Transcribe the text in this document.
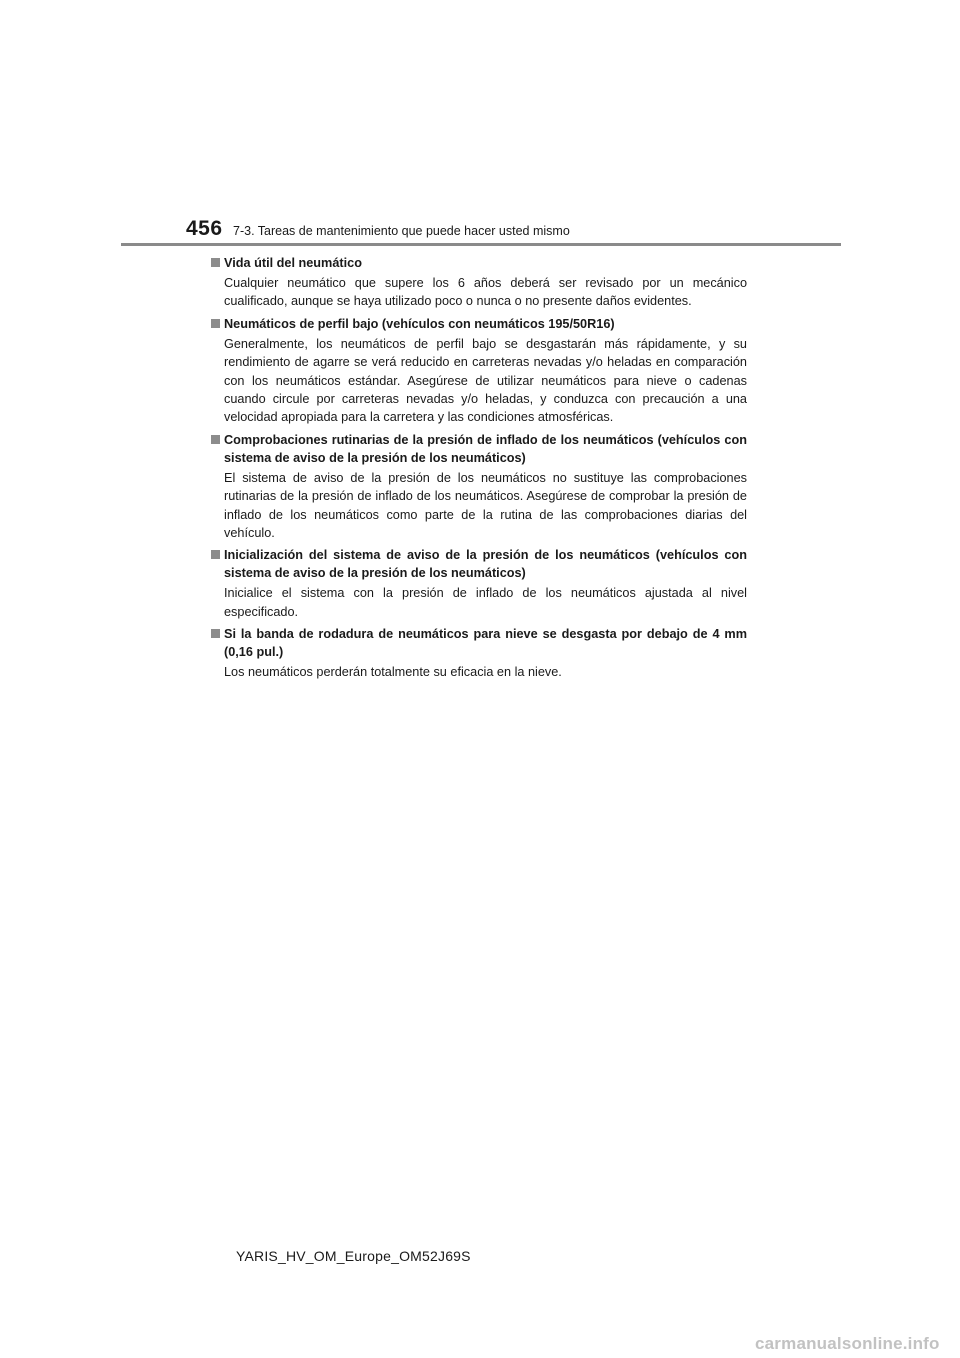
456 7-3. Tareas de mantenimiento que puede hacer usted mismo
Vida útil del neumático
Cualquier neumático que supere los 6 años deberá ser revisado por un mecánico cualificado, aunque se haya utilizado poco o nunca o no presente daños evidentes.
Neumáticos de perfil bajo (vehículos con neumáticos 195/50R16)
Generalmente, los neumáticos de perfil bajo se desgastarán más rápidamente, y su rendimiento de agarre se verá reducido en carreteras nevadas y/o heladas en comparación con los neumáticos estándar. Asegúrese de utilizar neumáticos para nieve o cadenas cuando circule por carreteras nevadas y/o heladas, y conduzca con precaución a una velocidad apropiada para la carretera y las condiciones atmosféricas.
Comprobaciones rutinarias de la presión de inflado de los neumáticos (vehículos con sistema de aviso de la presión de los neumáticos)
El sistema de aviso de la presión de los neumáticos no sustituye las comprobaciones rutinarias de la presión de inflado de los neumáticos. Asegúrese de comprobar la presión de inflado de los neumáticos como parte de la rutina de las comprobaciones diarias del vehículo.
Inicialización del sistema de aviso de la presión de los neumáticos (vehículos con sistema de aviso de la presión de los neumáticos)
Inicialice el sistema con la presión de inflado de los neumáticos ajustada al nivel especificado.
Si la banda de rodadura de neumáticos para nieve se desgasta por debajo de 4 mm (0,16 pul.)
Los neumáticos perderán totalmente su eficacia en la nieve.
YARIS_HV_OM_Europe_OM52J69S
carmanualsonline.info
